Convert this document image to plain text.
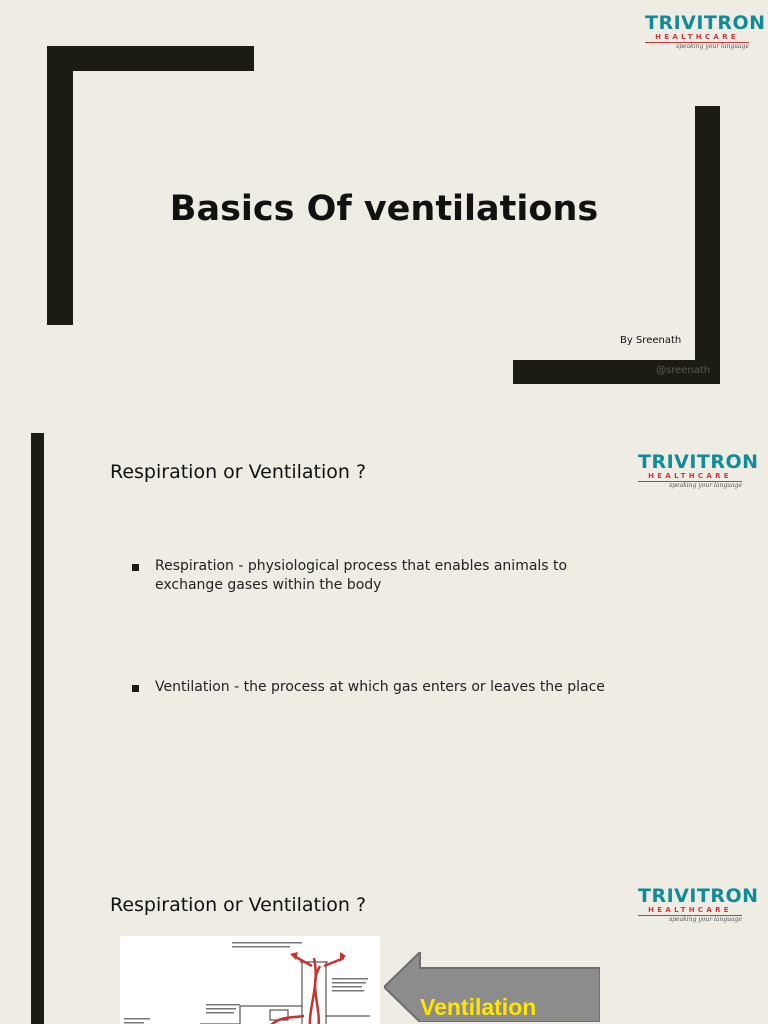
TRIVITRON
HEALTHCARE
speaking your language
Basics Of ventilations
By Sreenath
@sreenath
Respiration or Ventilation ?	TRIVITRON
HEALTHCARE
speaking your language
Respiration - physiological process that enables animals to exchange gases within the body
Ventilation - the process at which gas enters or leaves the place
Respiration or Ventilation ?	TRIVITRON
HEALTHCARE
speaking your language
Ventilation
